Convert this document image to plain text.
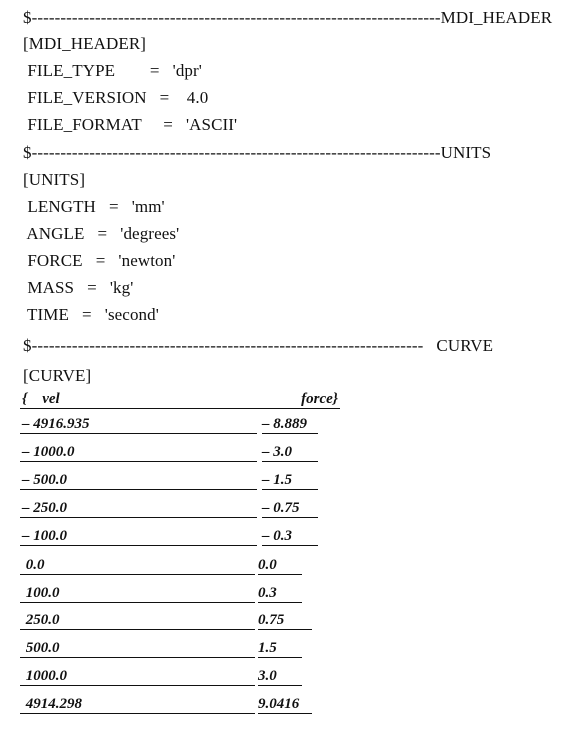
$-----------------------------------------------------------------------MDI_HEADER
[MDI_HEADER]
FILE_TYPE        =   'dpr'
FILE_VERSION   =    4.0
FILE_FORMAT     =   'ASCII'
$-----------------------------------------------------------------------UNITS
[UNITS]
LENGTH   =   'mm'
ANGLE   =   'degrees'
FORCE   =   'newton'
MASS   =   'kg'
TIME   =   'second'
$--------------------------------------------------------------------   CURVE
[CURVE]
{    vel	force}
– 4916.935	– 8.889
– 1000.0	– 3.0
– 500.0	– 1.5
– 250.0	– 0.75
– 100.0	– 0.3
0.0	0.0
100.0	0.3
250.0	0.75
500.0	1.5
1000.0	3.0
4914.298	9.0416
